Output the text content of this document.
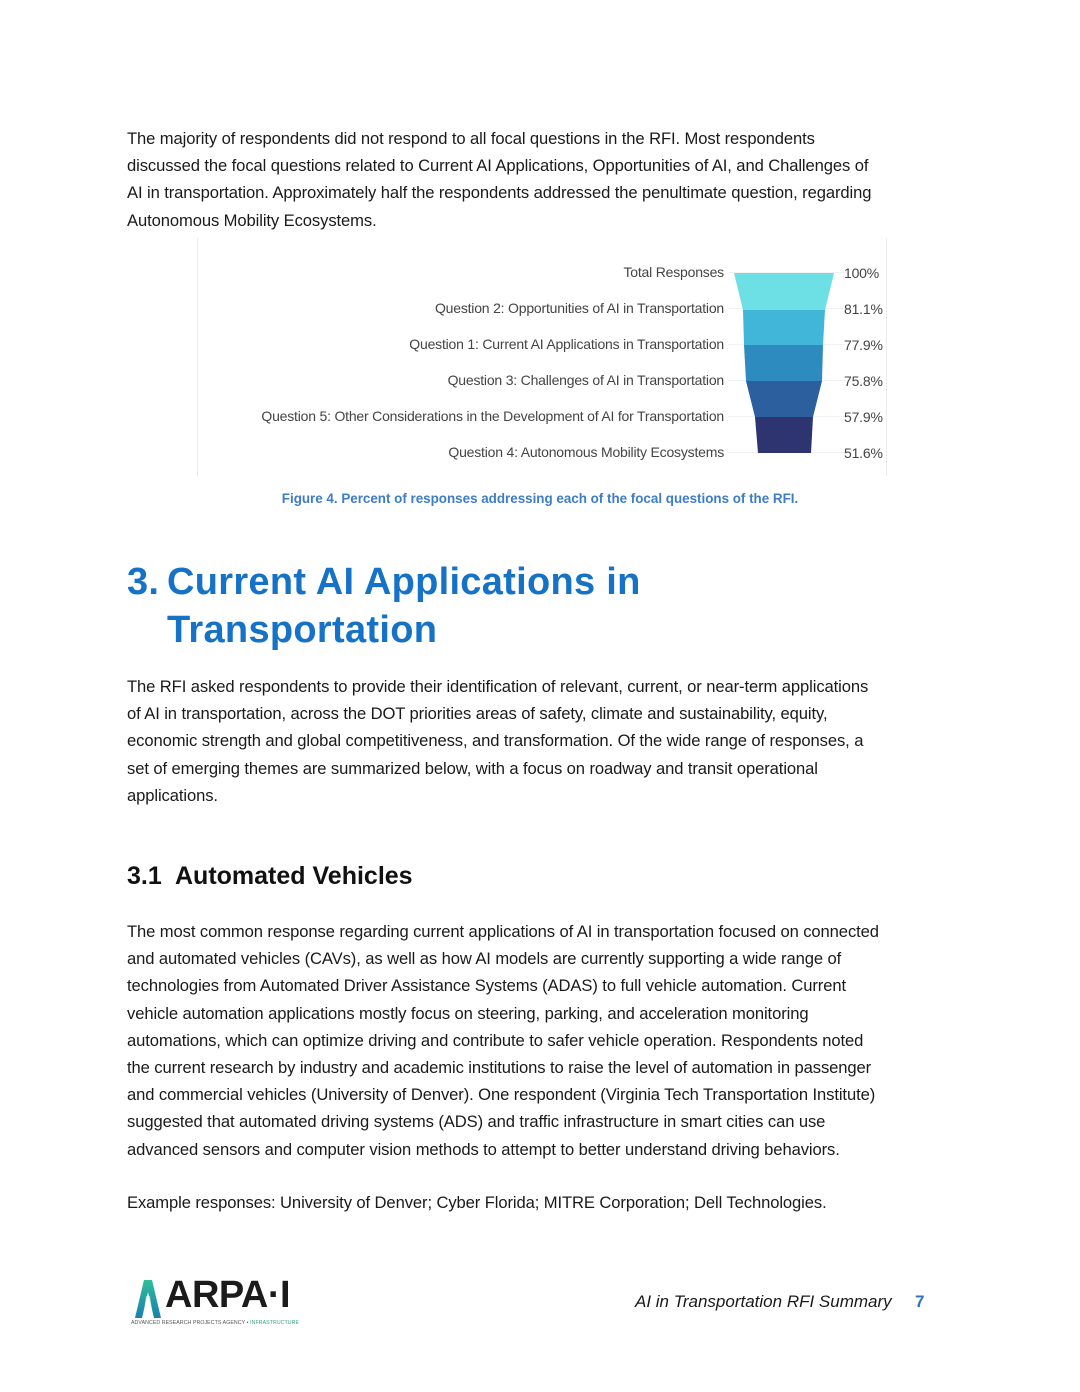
The majority of respondents did not respond to all focal questions in the RFI. Most respondents
discussed the focal questions related to Current AI Applications, Opportunities of AI, and Challenges of
AI in transportation. Approximately half the respondents addressed the penultimate question, regarding
Autonomous Mobility Ecosystems.
Total Responses
Question 2: Opportunities of AI in Transportation
Question 1: Current AI Applications in Transportation
Question 3: Challenges of AI in Transportation
Question 5: Other Considerations in the Development of AI for Transportation
Question 4: Autonomous Mobility Ecosystems
100%
81.1%
77.9%
75.8%
57.9%
51.6%
Figure 4. Percent of responses addressing each of the focal questions of the RFI.
3. Current AI Applications in
Transportation
The RFI asked respondents to provide their identification of relevant, current, or near-term applications
of AI in transportation, across the DOT priorities areas of safety, climate and sustainability, equity,
economic strength and global competitiveness, and transformation. Of the wide range of responses, a
set of emerging themes are summarized below, with a focus on roadway and transit operational
applications.
3.1 Automated Vehicles
The most common response regarding current applications of AI in transportation focused on connected
and automated vehicles (CAVs), as well as how AI models are currently supporting a wide range of
technologies from Automated Driver Assistance Systems (ADAS) to full vehicle automation. Current
vehicle automation applications mostly focus on steering, parking, and acceleration monitoring
automations, which can optimize driving and contribute to safer vehicle operation. Respondents noted
the current research by industry and academic institutions to raise the level of automation in passenger
and commercial vehicles (University of Denver). One respondent (Virginia Tech Transportation Institute)
suggested that automated driving systems (ADS) and traffic infrastructure in smart cities can use
advanced sensors and computer vision methods to attempt to better understand driving behaviors.
Example responses: University of Denver; Cyber Florida; MITRE Corporation; Dell Technologies.
ARPA·I
ADVANCED RESEARCH PROJECTS AGENCY • INFRASTRUCTURE
AI in Transportation RFI Summary 7
